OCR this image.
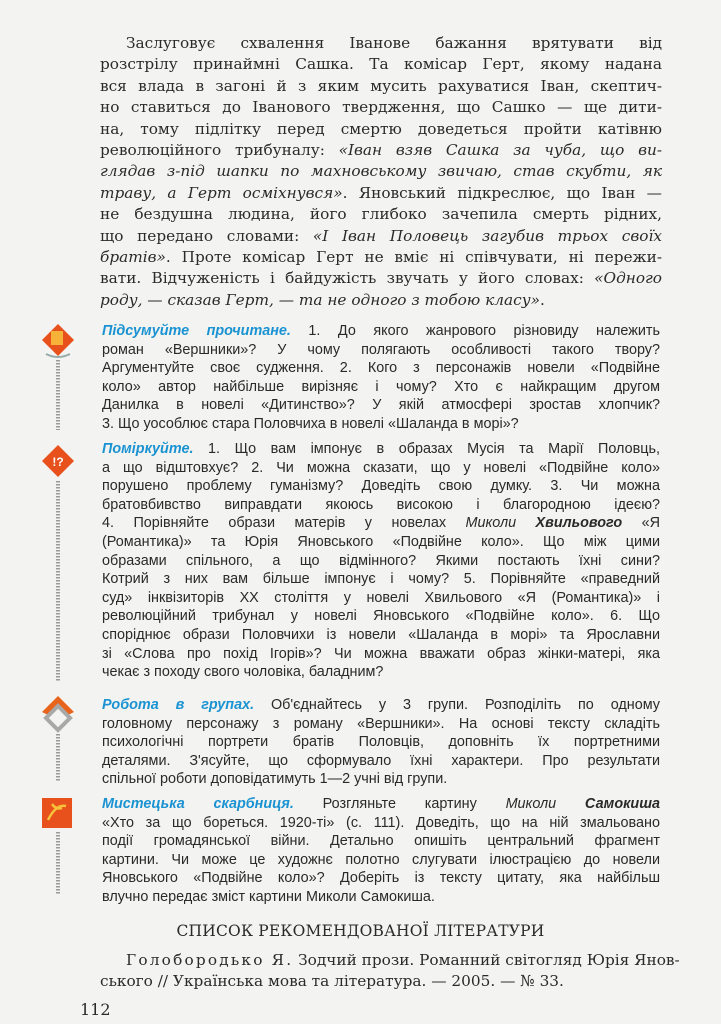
Заслуговує схвалення Іванове бажання врятувати від
розстрілу принаймні Сашка. Та комісар Герт, якому надана
вся влада в загоні й з яким мусить рахуватися Іван, скептич-
но ставиться до Іванового твердження, що Сашко — ще дити-
на, тому підлітку перед смертю доведеться пройти катівню
революційного трибуналу: «Іван взяв Сашка за чуба, що ви-
глядав з-під шапки по махновському звичаю, став скубти, як
траву, а Герт осміхнувся». Яновський підкреслює, що Іван —
не бездушна людина, його глибоко зачепила смерть рідних,
що передано словами: «І Іван Половець загубив трьох своїх
братів». Проте комісар Герт не вміє ні співчувати, ні пережи-
вати. Відчуженість і байдужість звучать у його словах: «Одного
роду, — сказав Герт, — та не одного з тобою класу».
Підсумуйте прочитане. 1. До якого жанрового різновиду належить
роман «Вершники»? У чому полягають особливості такого твору?
Аргументуйте своє судження. 2. Кого з персонажів новели «Подвійне
коло» автор найбільше вирізняє і чому? Хто є найкращим другом
Данилка в новелі «Дитинство»? У якій атмосфері зростав хлопчик?
3. Що уособлює стара Половчиха в новелі «Шаланда в морі»?
Поміркуйте. 1. Що вам імпонує в образах Мусія та Марії Половць,
а що відштовхує? 2. Чи можна сказати, що у новелі «Подвійне коло»
порушено проблему гуманізму? Доведіть свою думку. 3. Чи можна
братовбивство виправдати якоюсь високою і благородною ідеєю?
4. Порівняйте образи матерів у новелах Миколи Хвильового «Я
(Романтика)» та Юрія Яновського «Подвійне коло». Що між цими
образами спільного, а що відмінного? Якими постають їхні сини?
Котрий з них вам більше імпонує і чому? 5. Порівняйте «праведний
суд» інквізиторів XX століття у новелі Хвильового «Я (Романтика)» і
революційний трибунал у новелі Яновського «Подвійне коло». 6. Що
споріднює образи Половчихи із новели «Шаланда в морі» та Ярославни
зі «Слова про похід Ігорів»? Чи можна вважати образ жінки-матері, яка
чекає з походу свого чоловіка, баладним?
Робота в групах. Об'єднайтесь у 3 групи. Розподіліть по одному
головному персонажу з роману «Вершники». На основі тексту складіть
психологічні портрети братів Половців, доповніть їх портретними
деталями. З'ясуйте, що сформувало їхні характери. Про результати
спільної роботи доповідатимуть 1—2 учні від групи.
Мистецька скарбниця. Розгляньте картину Миколи Самокиша
«Хто за що бореться. 1920-ті» (с. 111). Доведіть, що на ній змальовано
події громадянської війни. Детально опишіть центральний фрагмент
картини. Чи може це художнє полотно слугувати ілюстрацією до новели
Яновського «Подвійне коло»? Доберіть із тексту цитату, яка найбільш
влучно передає зміст картини Миколи Самокиша.
!?
СПИСОК РЕКОМЕНДОВАНОЇ ЛІТЕРАТУРИ
Голобородько Я. Зодчий прози. Романний світогляд Юрія Янов-
ського // Українська мова та література. — 2005. — № 33.
112
